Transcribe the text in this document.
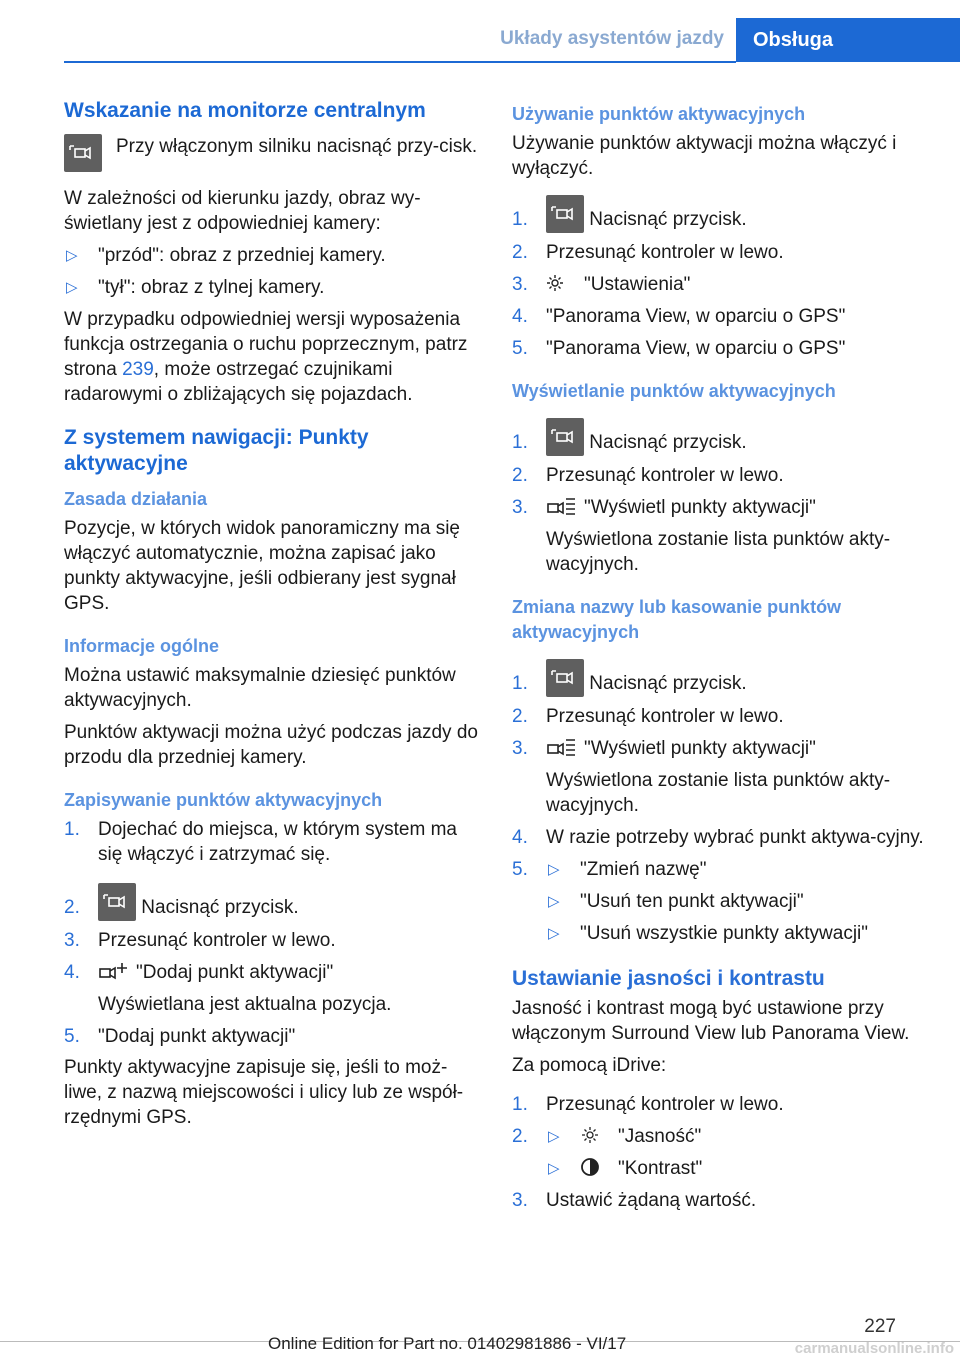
Układy asystentów jazdy	Obsługa
Wskazanie na monitorze centralnym
Przy włączonym silniku nacisnąć przy-cisk.
W zależności od kierunku jazdy, obraz wy-świetlany jest z odpowiedniej kamery:
▷	"przód": obraz z przedniej kamery.
▷	"tył": obraz z tylnej kamery.
W przypadku odpowiedniej wersji wyposażenia funkcja ostrzegania o ruchu poprzecznym, patrz strona 239, może ostrzegać czujnikami radarowymi o zbliżających się pojazdach.
Z systemem nawigacji: Punkty aktywacyjne
Zasada działania
Pozycje, w których widok panoramiczny ma się włączyć automatycznie, można zapisać jako punkty aktywacyjne, jeśli odbierany jest sygnał GPS.
Informacje ogólne
Można ustawić maksymalnie dziesięć punktów aktywacyjnych.
Punktów aktywacji można użyć podczas jazdy do przodu dla przedniej kamery.
Zapisywanie punktów aktywacyjnych
1. Dojechać do miejsca, w którym system ma się włączyć i zatrzymać się.
2.	Nacisnąć przycisk.
3. Przesunąć kontroler w lewo.
4.	"Dodaj punkt aktywacji"
Wyświetlana jest aktualna pozycja.
5. "Dodaj punkt aktywacji"
Punkty aktywacyjne zapisuje się, jeśli to moż-liwe, z nazwą miejscowości i ulicy lub ze współ-rzędnymi GPS.
Używanie punktów aktywacyjnych
Używanie punktów aktywacji można włączyć i wyłączyć.
1.	Nacisnąć przycisk.
2. Przesunąć kontroler w lewo.
3.	"Ustawienia"
4. "Panorama View, w oparciu o GPS"
5. "Panorama View, w oparciu o GPS"
Wyświetlanie punktów aktywacyjnych
1.	Nacisnąć przycisk.
2. Przesunąć kontroler w lewo.
3.	"Wyświetl punkty aktywacji"
Wyświetlona zostanie lista punktów akty-wacyjnych.
Zmiana nazwy lub kasowanie punktów aktywacyjnych
1.	Nacisnąć przycisk.
2. Przesunąć kontroler w lewo.
3.	"Wyświetl punkty aktywacji"
Wyświetlona zostanie lista punktów akty-wacyjnych.
4. W razie potrzeby wybrać punkt aktywa-cyjny.
5.	▷	"Zmień nazwę"
▷	"Usuń ten punkt aktywacji"
▷	"Usuń wszystkie punkty aktywacji"
Ustawianie jasności i kontrastu
Jasność i kontrast mogą być ustawione przy włączonym Surround View lub Panorama View.
Za pomocą iDrive:
1. Przesunąć kontroler w lewo.
2.	▷	"Jasność"
▷	"Kontrast"
3. Ustawić żądaną wartość.
227
Online Edition for Part no. 01402981886 - VI/17	carmanualsonline.info
